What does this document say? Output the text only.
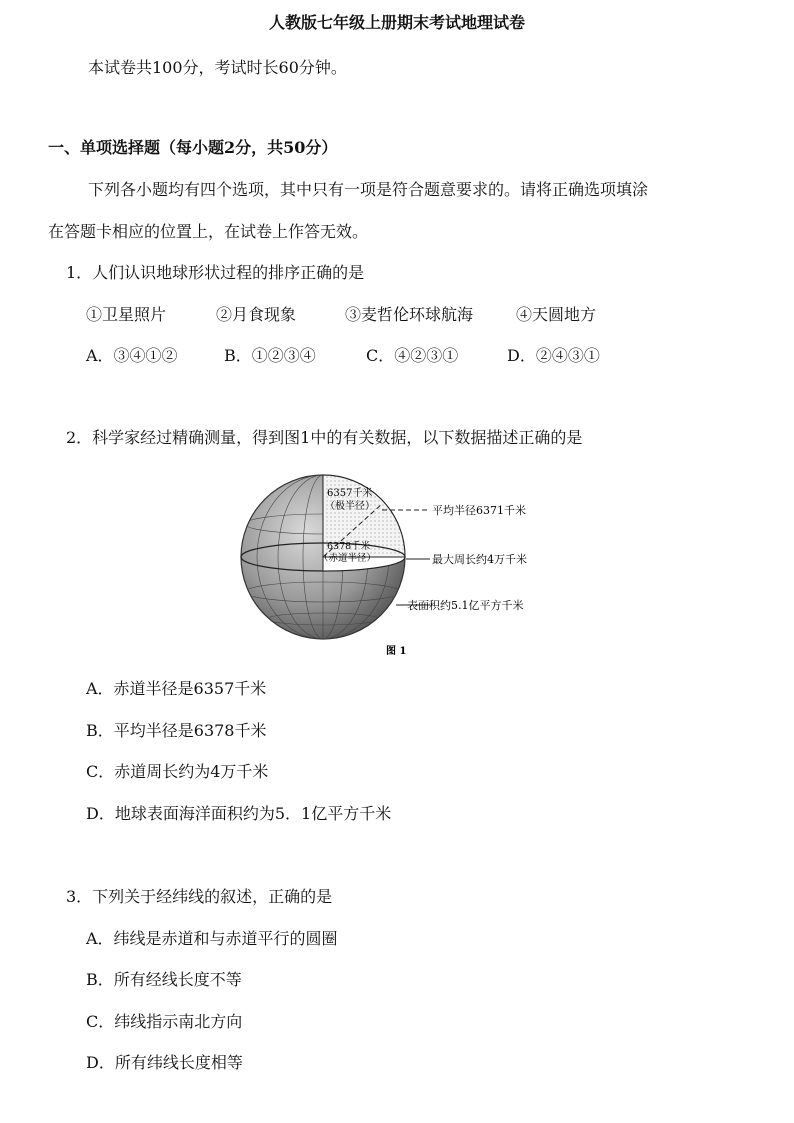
人教版七年级上册期末考试地理试卷
本试卷共100分，考试时长60分钟。
一、单项选择题（每小题2分，共50分）
下列各小题均有四个选项，其中只有一项是符合题意要求的。请将正确选项填涂
在答题卡相应的位置上，在试卷上作答无效。
1．人们认识地球形状过程的排序正确的是
①卫星照片	②月食现象	③麦哲伦环球航海	④天圆地方
A．③④①②	B．①②③④	C．④②③①	D．②④③①
2．科学家经过精确测量，得到图1中的有关数据，以下数据描述正确的是
6357千米
（极半径）
6378千米
（赤道半径）
平均半径6371千米
最大周长约4万千米
表面积约5.1亿平方千米
图 1
A．赤道半径是6357千米
B．平均半径是6378千米
C．赤道周长约为4万千米
D．地球表面海洋面积约为5．1亿平方千米
3．下列关于经纬线的叙述，正确的是
A．纬线是赤道和与赤道平行的圆圈
B．所有经线长度不等
C．纬线指示南北方向
D．所有纬线长度相等
